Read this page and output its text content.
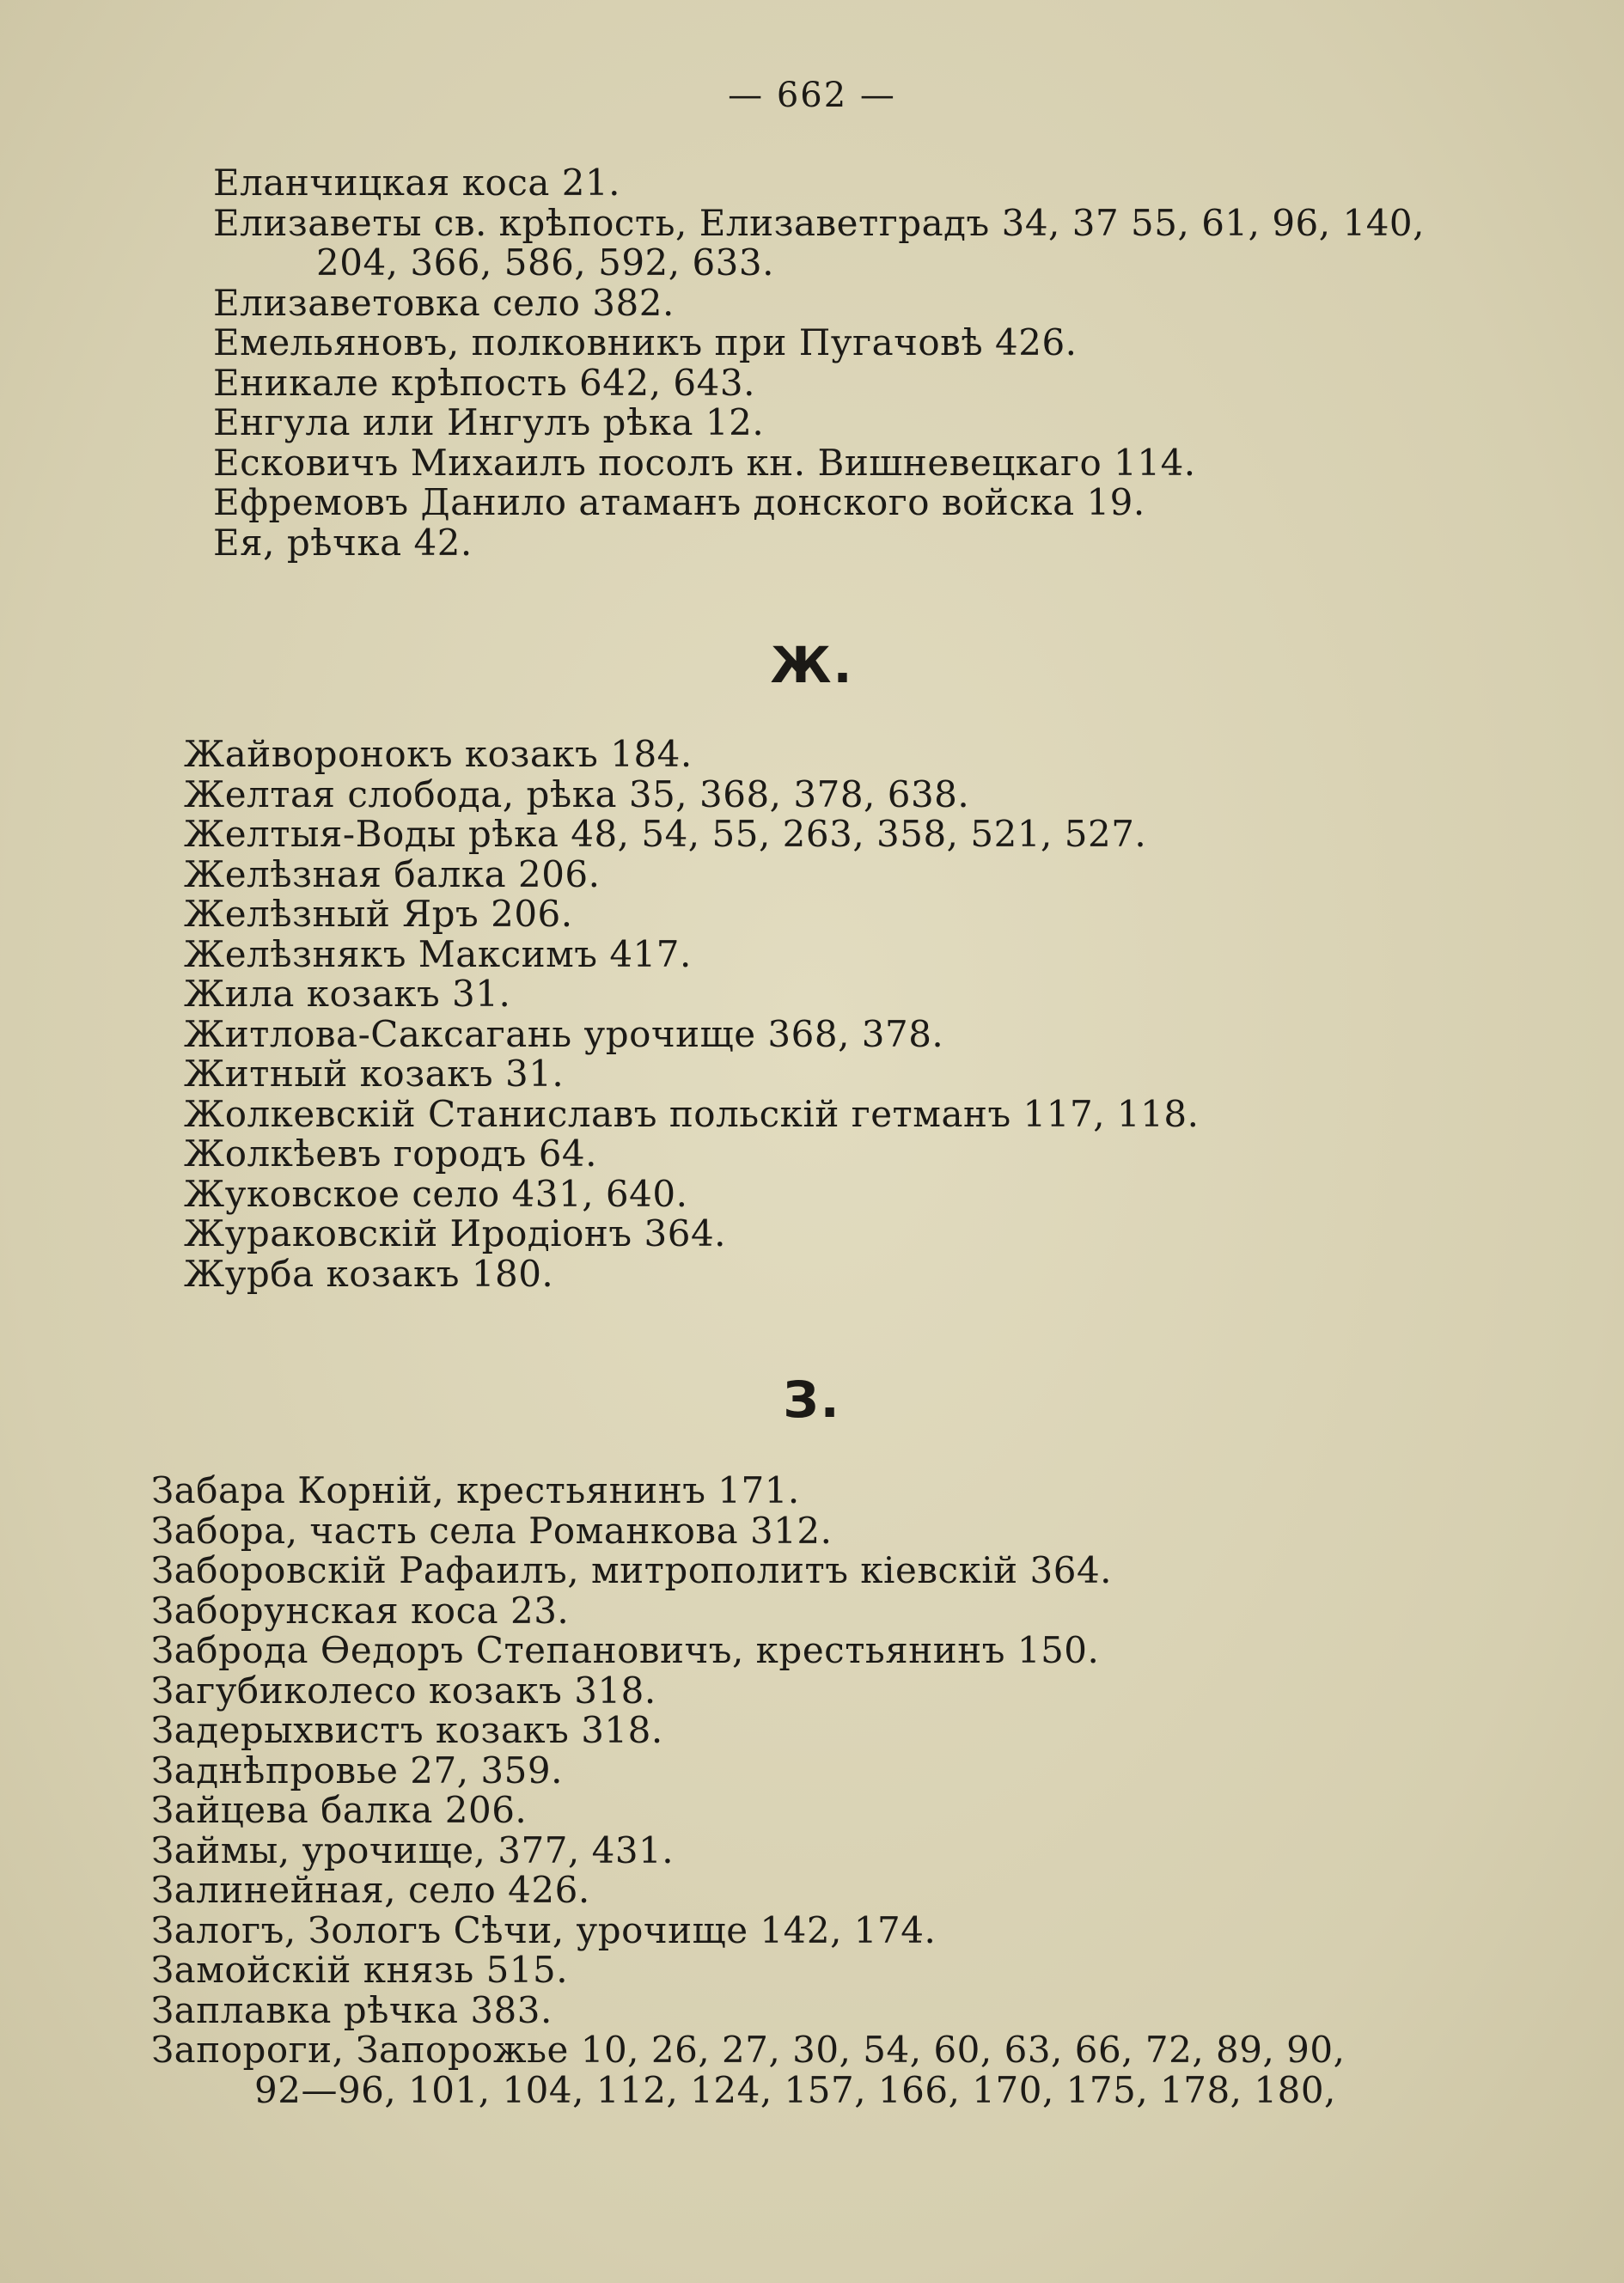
— 662 —
Еланчицкая коса 21.
Елизаветы св. крѣпость, Елизаветградъ 34, 37 55, 61, 96, 140,
204, 366, 586, 592, 633.
Елизаветовка село 382.
Емельяновъ, полковникъ при Пугачовѣ 426.
Еникале крѣпость 642, 643.
Енгула или Ингулъ рѣка 12.
Есковичъ Михаилъ посолъ кн. Вишневецкаго 114.
Ефремовъ Данило атаманъ донского войска 19.
Ея, рѣчка 42.
Ж.
Жайворонокъ козакъ 184.
Желтая слобода, рѣка 35, 368, 378, 638.
Желтыя-Воды рѣка 48, 54, 55, 263, 358, 521, 527.
Желѣзная балка 206.
Желѣзный Яръ 206.
Желѣзнякъ Максимъ 417.
Жила козакъ 31.
Житлова-Саксагань урочище 368, 378.
Житный козакъ 31.
Жолкевскій Станиславъ польскій гетманъ 117, 118.
Жолкѣевъ городъ 64.
Жуковское село 431, 640.
Жураковскій Иродіонъ 364.
Журба козакъ 180.
З.
Забара Корній, крестьянинъ 171.
Забора, часть села Романкова 312.
Заборовскій Рафаилъ, митрополитъ кіевскій 364.
Заборунская коса 23.
Заброда Өедоръ Степановичъ, крестьянинъ 150.
Загубиколесо козакъ 318.
Задерыхвистъ козакъ 318.
Заднѣпровье 27, 359.
Зайцева балка 206.
Займы, урочище, 377, 431.
Залинейная, село 426.
Залогъ, Зологъ Сѣчи, урочище 142, 174.
Замойскій князь 515.
Заплавка рѣчка 383.
Запороги, Запорожье 10, 26, 27, 30, 54, 60, 63, 66, 72, 89, 90,
92—96, 101, 104, 112, 124, 157, 166, 170, 175, 178, 180,
